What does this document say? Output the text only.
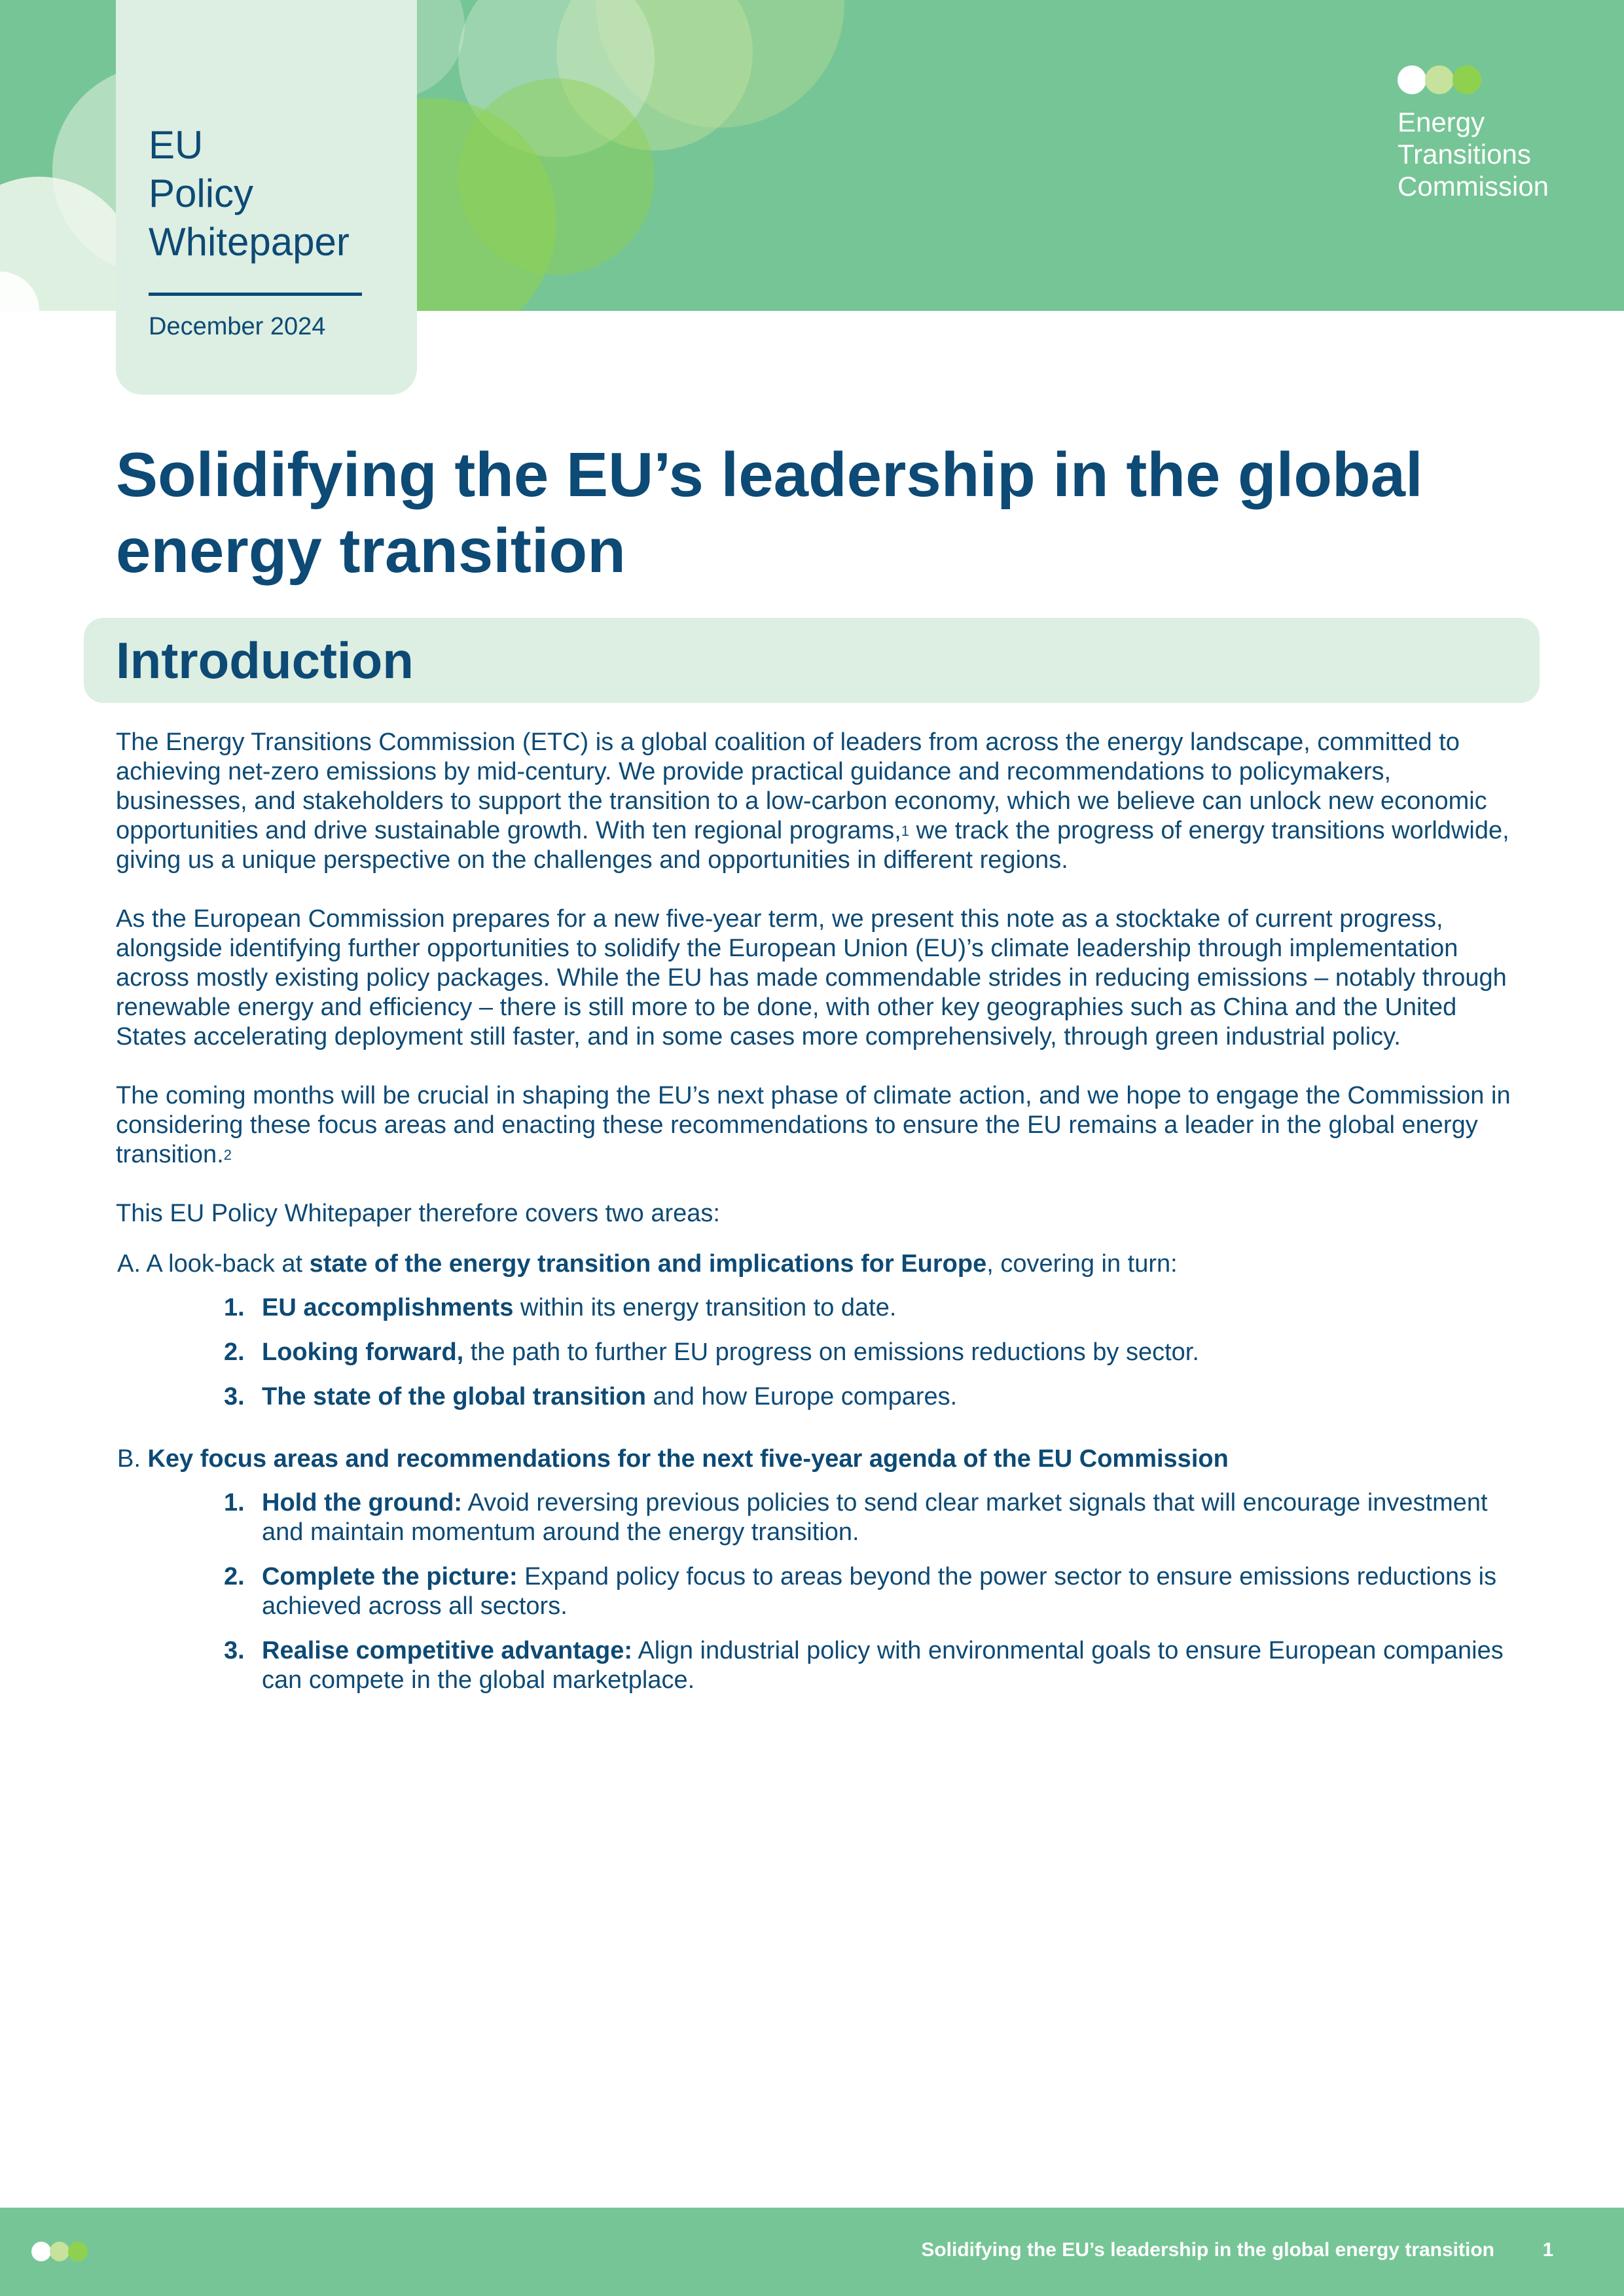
Energy
Transitions
Commission
EU
Policy
Whitepaper
December 2024
Solidifying the EU’s leadership in the global energy transition
Introduction

The Energy Transitions Commission (ETC) is a global coalition of leaders from across the energy landscape, committed to achieving net-zero emissions by mid-century. We provide practical guidance and recommendations to policymakers, businesses, and stakeholders to support the transition to a low-carbon economy, which we believe can unlock new economic opportunities and drive sustainable growth. With ten regional programs,$^1$ we track the progress of energy transitions worldwide, giving us a unique perspective on the challenges and opportunities in different regions.

As the European Commission prepares for a new five-year term, we present this note as a stocktake of current progress, alongside identifying further opportunities to solidify the European Union (EU)’s climate leadership through implementation across mostly existing policy packages. While the EU has made commendable strides in reducing emissions – notably through renewable energy and efficiency – there is still more to be done, with other key geographies such as China and the United States accelerating deployment still faster, and in some cases more comprehensively, through green industrial policy.

The coming months will be crucial in shaping the EU’s next phase of climate action, and we hope to engage the Commission in considering these focus areas and enacting these recommendations to ensure the EU remains a leader in the global energy transition.$^2$

This EU Policy Whitepaper therefore covers two areas:

A. A look-back at state of the energy transition and implications for Europe, covering in turn:
1. EU accomplishments within its energy transition to date.
2. Looking forward, the path to further EU progress on emissions reductions by sector.
3. The state of the global transition and how Europe compares.
B. Key focus areas and recommendations for the next five-year agenda of the EU Commission
1. Hold the ground: Avoid reversing previous policies to send clear market signals that will encourage investment and maintain momentum around the energy transition.
2. Complete the picture: Expand policy focus to areas beyond the power sector to ensure emissions reductions is achieved across all sectors.
3. Realise competitive advantage: Align industrial policy with environmental goals to ensure European companies can compete in the global marketplace.
Solidifying the EU’s leadership in the global energy transition	1
